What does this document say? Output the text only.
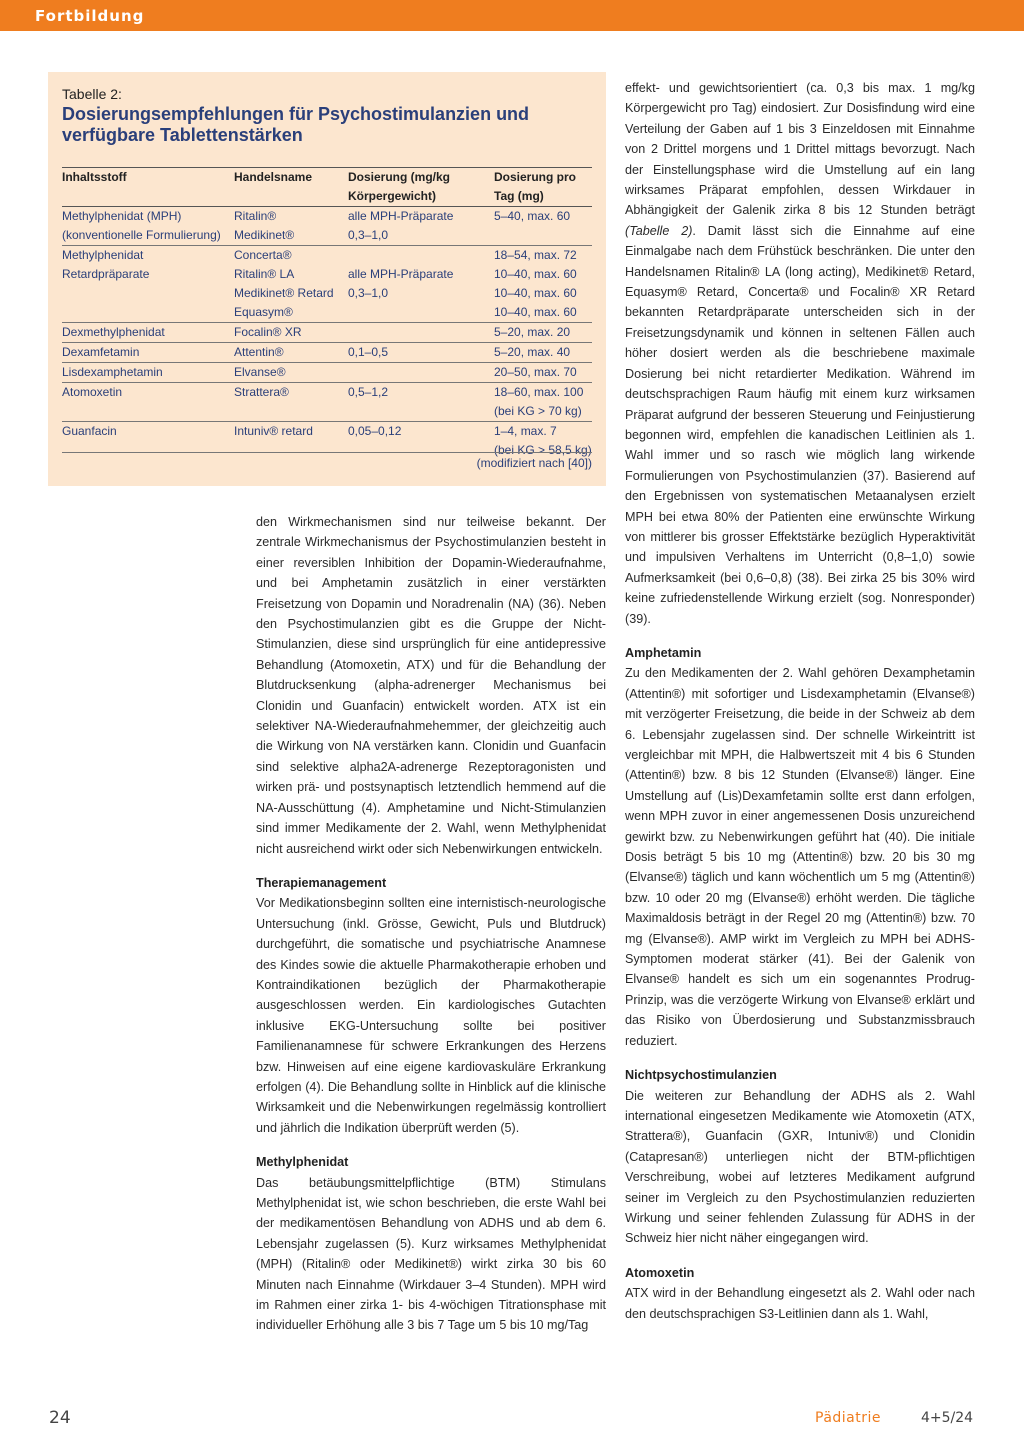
Fortbildung
Tabelle 2:
Dosierungsempfehlungen für Psychostimulanzien und verfügbare Tablettenstärken
Inhaltsstoff	Handelsname	Dosierung (mg/kg Körpergewicht)	Dosierung pro Tag (mg)
Methylphenidat (MPH)	Ritalin®	alle MPH-Präparate	5–40, max. 60
(konventionelle Formulierung)	Medikinet®	0,3–1,0	
Methylphenidat	Concerta®		18–54, max. 72
Retardpräparate	Ritalin® LA	alle MPH-Präparate	10–40, max. 60
	Medikinet® Retard	0,3–1,0	10–40, max. 60
	Equasym®		10–40, max. 60
Dexmethylphenidat	Focalin® XR		5–20, max. 20
Dexamfetamin	Attentin®	0,1–0,5	5–20, max. 40
Lisdexamphetamin	Elvanse®		20–50, max. 70
Atomoxetin	Strattera®	0,5–1,2	18–60, max. 100
			(bei KG > 70 kg)
Guanfacin	Intuniv® retard	0,05–0,12	1–4, max. 7
			(bei KG > 58,5 kg)
(modifiziert nach [40])

den Wirkmechanismen sind nur teilweise bekannt. Der zentrale Wirkmechanismus der Psychostimulanzien besteht in einer reversiblen Inhibition der Dopamin-Wiederaufnahme, und bei Amphetamin zusätzlich in einer verstärkten Freisetzung von Dopamin und Noradrenalin (NA) (36). Neben den Psychostimulanzien gibt es die Gruppe der Nicht-Stimulanzien, diese sind ursprünglich für eine antidepressive Behandlung (Atomoxetin, ATX) und für die Behandlung der Blutdrucksenkung (alpha-adrenerger Mechanismus bei Clonidin und Guanfacin) entwickelt worden. ATX ist ein selektiver NA-Wiederaufnahmehemmer, der gleichzeitig auch die Wirkung von NA verstärken kann. Clonidin und Guanfacin sind selektive alpha2A-adrenerge Rezeptoragonisten und wirken prä- und postsynaptisch letztendlich hemmend auf die NA-Ausschüttung (4). Amphetamine und Nicht-Stimulanzien sind immer Medikamente der 2. Wahl, wenn Methylphenidat nicht ausreichend wirkt oder sich Nebenwirkungen entwickeln.

Therapiemanagement

Vor Medikationsbeginn sollten eine internistisch-neurologische Untersuchung (inkl. Grösse, Gewicht, Puls und Blutdruck) durchgeführt, die somatische und psychiatrische Anamnese des Kindes sowie die aktuelle Pharmakotherapie erhoben und Kontraindikationen bezüglich der Pharmakotherapie ausgeschlossen werden. Ein kardiologisches Gutachten inklusive EKG-Untersuchung sollte bei positiver Familienanamnese für schwere Erkrankungen des Herzens bzw. Hinweisen auf eine eigene kardiovaskuläre Erkrankung erfolgen (4). Die Behandlung sollte in Hinblick auf die klinische Wirksamkeit und die Nebenwirkungen regelmässig kontrolliert und jährlich die Indikation überprüft werden (5).

Methylphenidat

Das betäubungsmittelpflichtige (BTM) Stimulans Methylphenidat ist, wie schon beschrieben, die erste Wahl bei der medikamentösen Behandlung von ADHS und ab dem 6. Lebensjahr zugelassen (5). Kurz wirksames Methylphenidat (MPH) (Ritalin® oder Medikinet®) wirkt zirka 30 bis 60 Minuten nach Einnahme (Wirkdauer 3–4 Stunden). MPH wird im Rahmen einer zirka 1- bis 4-wöchigen Titrationsphase mit individueller Erhöhung alle 3 bis 7 Tage um 5 bis 10 mg/Tag

effekt- und gewichtsorientiert (ca. 0,3 bis max. 1 mg/kg Körpergewicht pro Tag) eindosiert. Zur Dosisfindung wird eine Verteilung der Gaben auf 1 bis 3 Einzeldosen mit Einnahme von 2 Drittel morgens und 1 Drittel mittags bevorzugt. Nach der Einstellungsphase wird die Umstellung auf ein lang wirksames Präparat empfohlen, dessen Wirkdauer in Abhängigkeit der Galenik zirka 8 bis 12 Stunden beträgt (Tabelle 2). Damit lässt sich die Einnahme auf eine Einmalgabe nach dem Frühstück beschränken. Die unter den Handelsnamen Ritalin® LA (long acting), Medikinet® Retard, Equasym® Retard, Concerta® und Focalin® XR Retard bekannten Retardpräparate unterscheiden sich in der Freisetzungsdynamik und können in seltenen Fällen auch höher dosiert werden als die beschriebene maximale Dosierung bei nicht retardierter Medikation. Während im deutschsprachigen Raum häufig mit einem kurz wirksamen Präparat aufgrund der besseren Steuerung und Feinjustierung begonnen wird, empfehlen die kanadischen Leitlinien als 1. Wahl immer und so rasch wie möglich lang wirkende Formulierungen von Psychostimulanzien (37). Basierend auf den Ergebnissen von systematischen Metaanalysen erzielt MPH bei etwa 80% der Patienten eine erwünschte Wirkung von mittlerer bis grosser Effektstärke bezüglich Hyperaktivität und impulsiven Verhaltens im Unterricht (0,8–1,0) sowie Aufmerksamkeit (bei 0,6–0,8) (38). Bei zirka 25 bis 30% wird keine zufriedenstellende Wirkung erzielt (sog. Nonresponder) (39).

Amphetamin

Zu den Medikamenten der 2. Wahl gehören Dexamphetamin (Attentin®) mit sofortiger und Lisdexamphetamin (Elvanse®) mit verzögerter Freisetzung, die beide in der Schweiz ab dem 6. Lebensjahr zugelassen sind. Der schnelle Wirkeintritt ist vergleichbar mit MPH, die Halbwertszeit mit 4 bis 6 Stunden (Attentin®) bzw. 8 bis 12 Stunden (Elvanse®) länger. Eine Umstellung auf (Lis)Dexamfetamin sollte erst dann erfolgen, wenn MPH zuvor in einer angemessenen Dosis unzureichend gewirkt bzw. zu Nebenwirkungen geführt hat (40). Die initiale Dosis beträgt 5 bis 10 mg (Attentin®) bzw. 20 bis 30 mg (Elvanse®) täglich und kann wöchentlich um 5 mg (Attentin®) bzw. 10 oder 20 mg (Elvanse®) erhöht werden. Die tägliche Maximaldosis beträgt in der Regel 20 mg (Attentin®) bzw. 70 mg (Elvanse®). AMP wirkt im Vergleich zu MPH bei ADHS-Symptomen moderat stärker (41). Bei der Galenik von Elvanse® handelt es sich um ein sogenanntes Prodrug-Prinzip, was die verzögerte Wirkung von Elvanse® erklärt und das Risiko von Überdosierung und Substanzmissbrauch reduziert.

Nichtpsychostimulanzien

Die weiteren zur Behandlung der ADHS als 2. Wahl international eingesetzen Medikamente wie Atomoxetin (ATX, Strattera®), Guanfacin (GXR, Intuniv®) und Clonidin (Catapresan®) unterliegen nicht der BTM-pflichtigen Verschreibung, wobei auf letzteres Medikament aufgrund seiner im Vergleich zu den Psychostimulanzien reduzierten Wirkung und seiner fehlenden Zulassung für ADHS in der Schweiz hier nicht näher eingegangen wird.

Atomoxetin

ATX wird in der Behandlung eingesetzt als 2. Wahl oder nach den deutschsprachigen S3-Leitlinien dann als 1. Wahl,

24	Pädiatrie	4+5/24
